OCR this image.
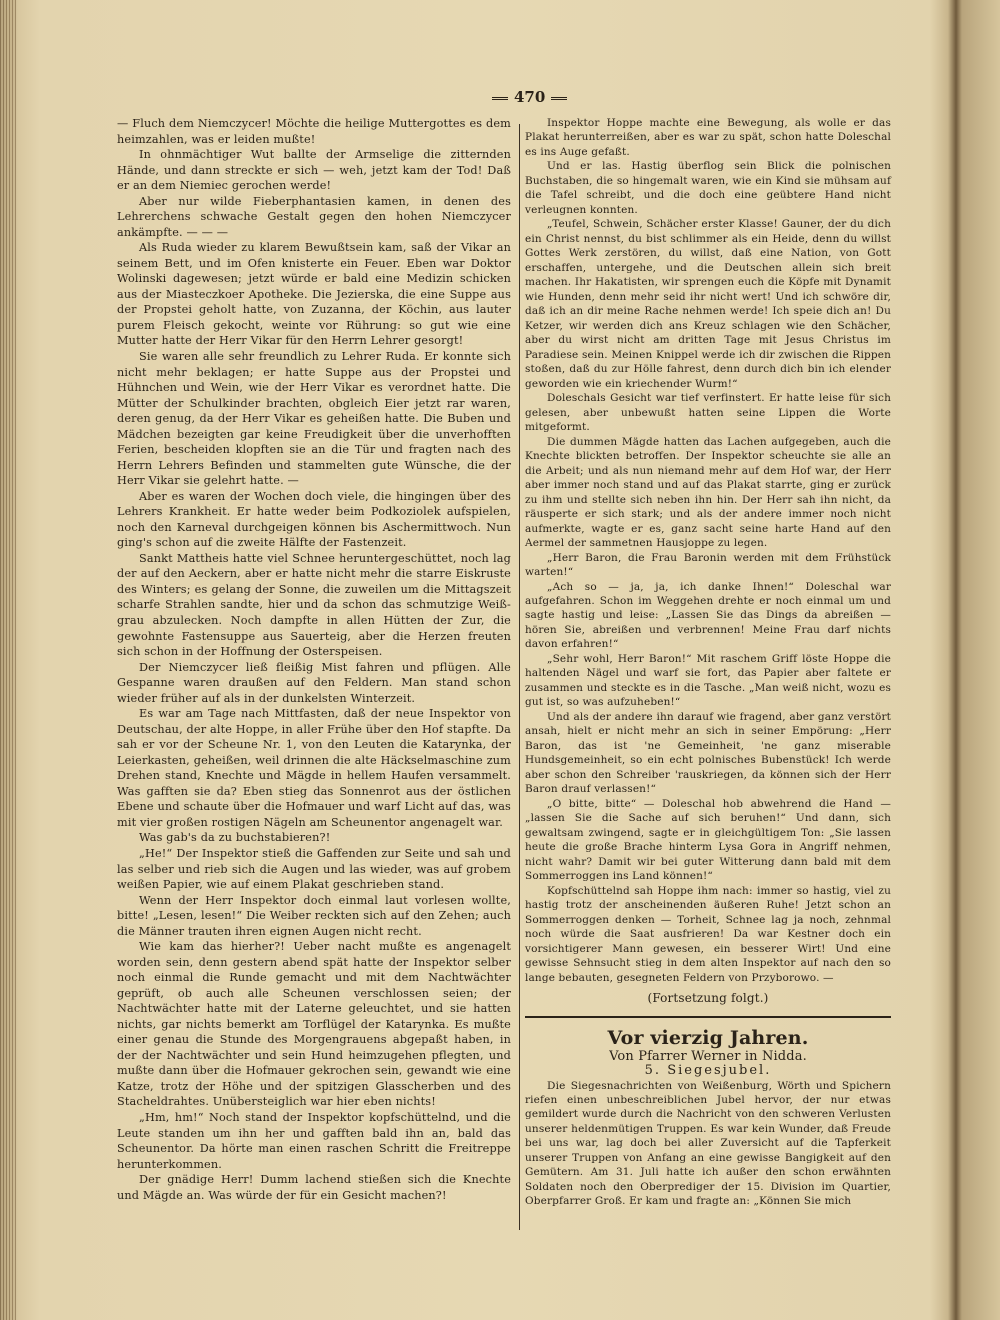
470

— Fluch dem Niemczycer! Möchte die heilige Muttergottes es dem heimzahlen, was er leiden mußte!

In ohnmächtiger Wut ballte der Armselige die zitternden Hände, und dann streckte er sich — weh, jetzt kam der Tod! Daß er an dem Niemiec gerochen werde!

Aber nur wilde Fieberphantasien kamen, in denen des Lehrerchens schwache Gestalt gegen den hohen Niemczycer ankämpfte. — — —

Als Ruda wieder zu klarem Bewußtsein kam, saß der Vikar an seinem Bett, und im Ofen knisterte ein Feuer. Eben war Doktor Wolinski dagewesen; jetzt würde er bald eine Medizin schicken aus der Miasteczkoer Apotheke. Die Jezierska, die eine Suppe aus der Propstei geholt hatte, von Zuzanna, der Köchin, aus lauter purem Fleisch gekocht, weinte vor Rührung: so gut wie eine Mutter hatte der Herr Vikar für den Herrn Lehrer gesorgt!

Sie waren alle sehr freundlich zu Lehrer Ruda. Er konnte sich nicht mehr beklagen; er hatte Suppe aus der Propstei und Hühnchen und Wein, wie der Herr Vikar es verordnet hatte. Die Mütter der Schulkinder brachten, obgleich Eier jetzt rar waren, deren genug, da der Herr Vikar es geheißen hatte. Die Buben und Mädchen bezeigten gar keine Freudigkeit über die unverhofften Ferien, bescheiden klopften sie an die Tür und fragten nach des Herrn Lehrers Befinden und stammelten gute Wünsche, die der Herr Vikar sie gelehrt hatte. —

Aber es waren der Wochen doch viele, die hingingen über des Lehrers Krankheit. Er hatte weder beim Podkoziolek aufspielen, noch den Karneval durchgeigen können bis Aschermittwoch. Nun ging's schon auf die zweite Hälfte der Fastenzeit.

Sankt Mattheis hatte viel Schnee heruntergeschüttet, noch lag der auf den Aeckern, aber er hatte nicht mehr die starre Eiskruste des Winters; es gelang der Sonne, die zuweilen um die Mittagszeit scharfe Strahlen sandte, hier und da schon das schmutzige Weiß-grau abzulecken. Noch dampfte in allen Hütten der Zur, die gewohnte Fastensuppe aus Sauerteig, aber die Herzen freuten sich schon in der Hoffnung der Osterspeisen.

Der Niemczycer ließ fleißig Mist fahren und pflügen. Alle Gespanne waren draußen auf den Feldern. Man stand schon wieder früher auf als in der dunkelsten Winterzeit.

Es war am Tage nach Mittfasten, daß der neue Inspektor von Deutschau, der alte Hoppe, in aller Frühe über den Hof stapfte. Da sah er vor der Scheune Nr. 1, von den Leuten die Katarynka, der Leierkasten, geheißen, weil drinnen die alte Häckselmaschine zum Drehen stand, Knechte und Mägde in hellem Haufen versammelt. Was gafften sie da? Eben stieg das Sonnenrot aus der östlichen Ebene und schaute über die Hofmauer und warf Licht auf das, was mit vier großen rostigen Nägeln am Scheunentor angenagelt war.

Was gab's da zu buchstabieren?!

„He!“ Der Inspektor stieß die Gaffenden zur Seite und sah und las selber und rieb sich die Augen und las wieder, was auf grobem weißen Papier, wie auf einem Plakat geschrieben stand.

Wenn der Herr Inspektor doch einmal laut vorlesen wollte, bitte! „Lesen, lesen!“ Die Weiber reckten sich auf den Zehen; auch die Männer trauten ihren eignen Augen nicht recht.

Wie kam das hierher?! Ueber nacht mußte es angenagelt worden sein, denn gestern abend spät hatte der Inspektor selber noch einmal die Runde gemacht und mit dem Nachtwächter geprüft, ob auch alle Scheunen verschlossen seien; der Nachtwächter hatte mit der Laterne geleuchtet, und sie hatten nichts, gar nichts bemerkt am Torflügel der Katarynka. Es mußte einer genau die Stunde des Morgengrauens abgepaßt haben, in der der Nachtwächter und sein Hund heimzugehen pflegten, und mußte dann über die Hofmauer gekrochen sein, gewandt wie eine Katze, trotz der Höhe und der spitzigen Glasscherben und des Stacheldrahtes. Unübersteiglich war hier eben nichts!

„Hm, hm!“ Noch stand der Inspektor kopfschüttelnd, und die Leute standen um ihn her und gafften bald ihn an, bald das Scheunentor. Da hörte man einen raschen Schritt die Freitreppe herunterkommen.

Der gnädige Herr! Dumm lachend stießen sich die Knechte und Mägde an. Was würde der für ein Gesicht machen?!

Inspektor Hoppe machte eine Bewegung, als wolle er das Plakat herunterreißen, aber es war zu spät, schon hatte Doleschal es ins Auge gefaßt.

Und er las. Hastig überflog sein Blick die polnischen Buchstaben, die so hingemalt waren, wie ein Kind sie mühsam auf die Tafel schreibt, und die doch eine geübtere Hand nicht verleugnen konnten.

„Teufel, Schwein, Schächer erster Klasse! Gauner, der du dich ein Christ nennst, du bist schlimmer als ein Heide, denn du willst Gottes Werk zerstören, du willst, daß eine Nation, von Gott erschaffen, untergehe, und die Deutschen allein sich breit machen. Ihr Hakatisten, wir sprengen euch die Köpfe mit Dynamit wie Hunden, denn mehr seid ihr nicht wert! Und ich schwöre dir, daß ich an dir meine Rache nehmen werde! Ich speie dich an! Du Ketzer, wir werden dich ans Kreuz schlagen wie den Schächer, aber du wirst nicht am dritten Tage mit Jesus Christus im Paradiese sein. Meinen Knippel werde ich dir zwischen die Rippen stoßen, daß du zur Hölle fahrest, denn durch dich bin ich elender geworden wie ein kriechender Wurm!“

Doleschals Gesicht war tief verfinstert. Er hatte leise für sich gelesen, aber unbewußt hatten seine Lippen die Worte mitgeformt.

Die dummen Mägde hatten das Lachen aufgegeben, auch die Knechte blickten betroffen. Der Inspektor scheuchte sie alle an die Arbeit; und als nun niemand mehr auf dem Hof war, der Herr aber immer noch stand und auf das Plakat starrte, ging er zurück zu ihm und stellte sich neben ihn hin. Der Herr sah ihn nicht, da räusperte er sich stark; und als der andere immer noch nicht aufmerkte, wagte er es, ganz sacht seine harte Hand auf den Aermel der sammetnen Hausjoppe zu legen.

„Herr Baron, die Frau Baronin werden mit dem Frühstück warten!“

„Ach so — ja, ja, ich danke Ihnen!“ Doleschal war aufgefahren. Schon im Weggehen drehte er noch einmal um und sagte hastig und leise: „Lassen Sie das Dings da abreißen — hören Sie, abreißen und verbrennen! Meine Frau darf nichts davon erfahren!“

„Sehr wohl, Herr Baron!“ Mit raschem Griff löste Hoppe die haltenden Nägel und warf sie fort, das Papier aber faltete er zusammen und steckte es in die Tasche. „Man weiß nicht, wozu es gut ist, so was aufzuheben!“

Und als der andere ihn darauf wie fragend, aber ganz verstört ansah, hielt er nicht mehr an sich in seiner Empörung: „Herr Baron, das ist 'ne Gemeinheit, 'ne ganz miserable Hundsgemeinheit, so ein echt polnisches Bubenstück! Ich werde aber schon den Schreiber 'rauskriegen, da können sich der Herr Baron drauf verlassen!“

„O bitte, bitte“ — Doleschal hob abwehrend die Hand — „lassen Sie die Sache auf sich beruhen!“ Und dann, sich gewaltsam zwingend, sagte er in gleichgültigem Ton: „Sie lassen heute die große Brache hinterm Lysa Gora in Angriff nehmen, nicht wahr? Damit wir bei guter Witterung dann bald mit dem Sommerroggen ins Land können!“

Kopfschüttelnd sah Hoppe ihm nach: immer so hastig, viel zu hastig trotz der anscheinenden äußeren Ruhe! Jetzt schon an Sommerroggen denken — Torheit, Schnee lag ja noch, zehnmal noch würde die Saat ausfrieren! Da war Kestner doch ein vorsichtigerer Mann gewesen, ein besserer Wirt! Und eine gewisse Sehnsucht stieg in dem alten Inspektor auf nach den so lange bebauten, gesegneten Feldern von Przyborowo. —

(Fortsetzung folgt.)

Vor vierzig Jahren.
Von Pfarrer Werner in Nidda.
5. Siegesjubel.

Die Siegesnachrichten von Weißenburg, Wörth und Spichern riefen einen unbeschreiblichen Jubel hervor, der nur etwas gemildert wurde durch die Nachricht von den schweren Verlusten unserer heldenmütigen Truppen. Es war kein Wunder, daß Freude bei uns war, lag doch bei aller Zuversicht auf die Tapferkeit unserer Truppen von Anfang an eine gewisse Bangigkeit auf den Gemütern. Am 31. Juli hatte ich außer den schon erwähnten Soldaten noch den Oberprediger der 15. Division im Quartier, Oberpfarrer Groß. Er kam und fragte an: „Können Sie mich
